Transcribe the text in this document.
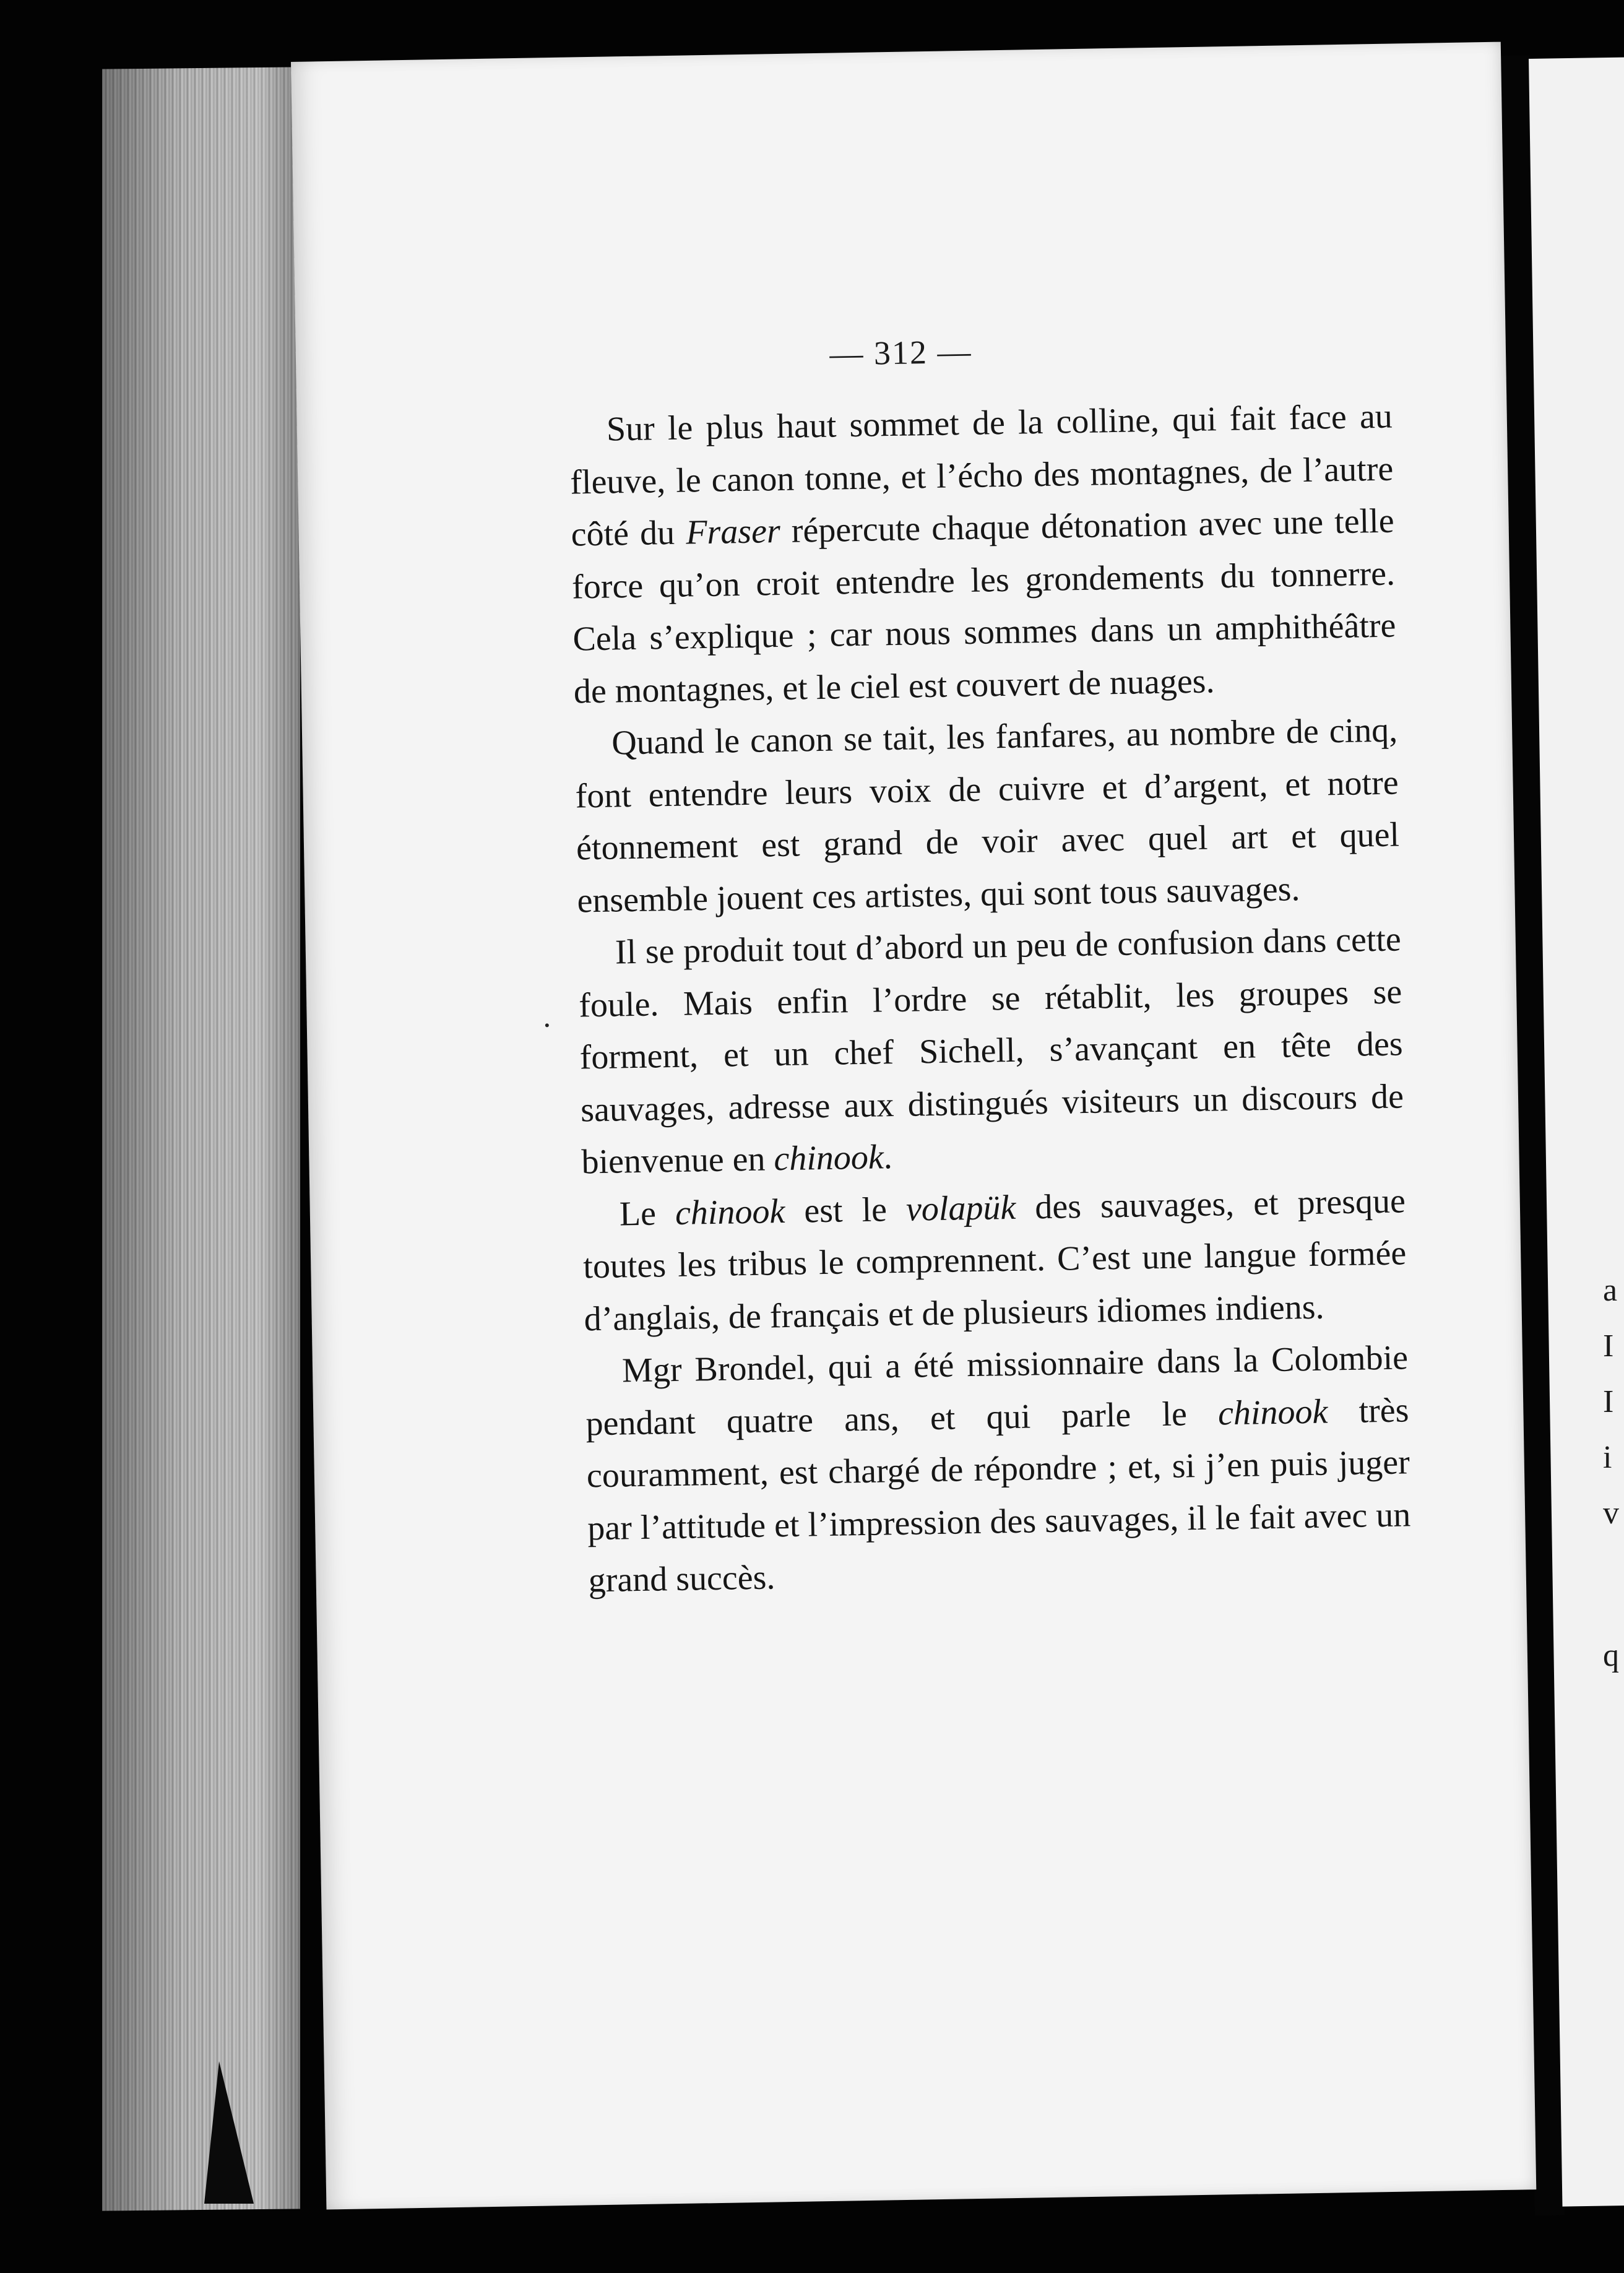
a
I
I
i
v
q
— 312 —

Sur le plus haut sommet de la colline, qui fait face au fleuve, le canon tonne, et l’écho des montagnes, de l’autre côté du Fraser répercute chaque détonation avec une telle force qu’on croit entendre les grondements du tonnerre. Cela s’explique ; car nous sommes dans un amphithéâtre de montagnes, et le ciel est couvert de nuages.

Quand le canon se tait, les fanfares, au nombre de cinq, font entendre leurs voix de cuivre et d’argent, et notre étonnement est grand de voir avec quel art et quel ensemble jouent ces artistes, qui sont tous sauvages.

Il se produit tout d’abord un peu de confusion dans cette foule. Mais enfin l’ordre se rétablit, les groupes se forment, et un chef Sichell, s’avançant en tête des sauvages, adresse aux distingués visiteurs un discours de bienvenue en chinook.

Le chinook est le volapük des sauvages, et presque toutes les tribus le comprennent. C’est une langue formée d’anglais, de français et de plusieurs idiomes indiens.

Mgr Brondel, qui a été missionnaire dans la Colombie pendant quatre ans, et qui parle le chinook très couramment, est chargé de répondre ; et, si j’en puis juger par l’attitude et l’impression des sauvages, il le fait avec un grand succès.
